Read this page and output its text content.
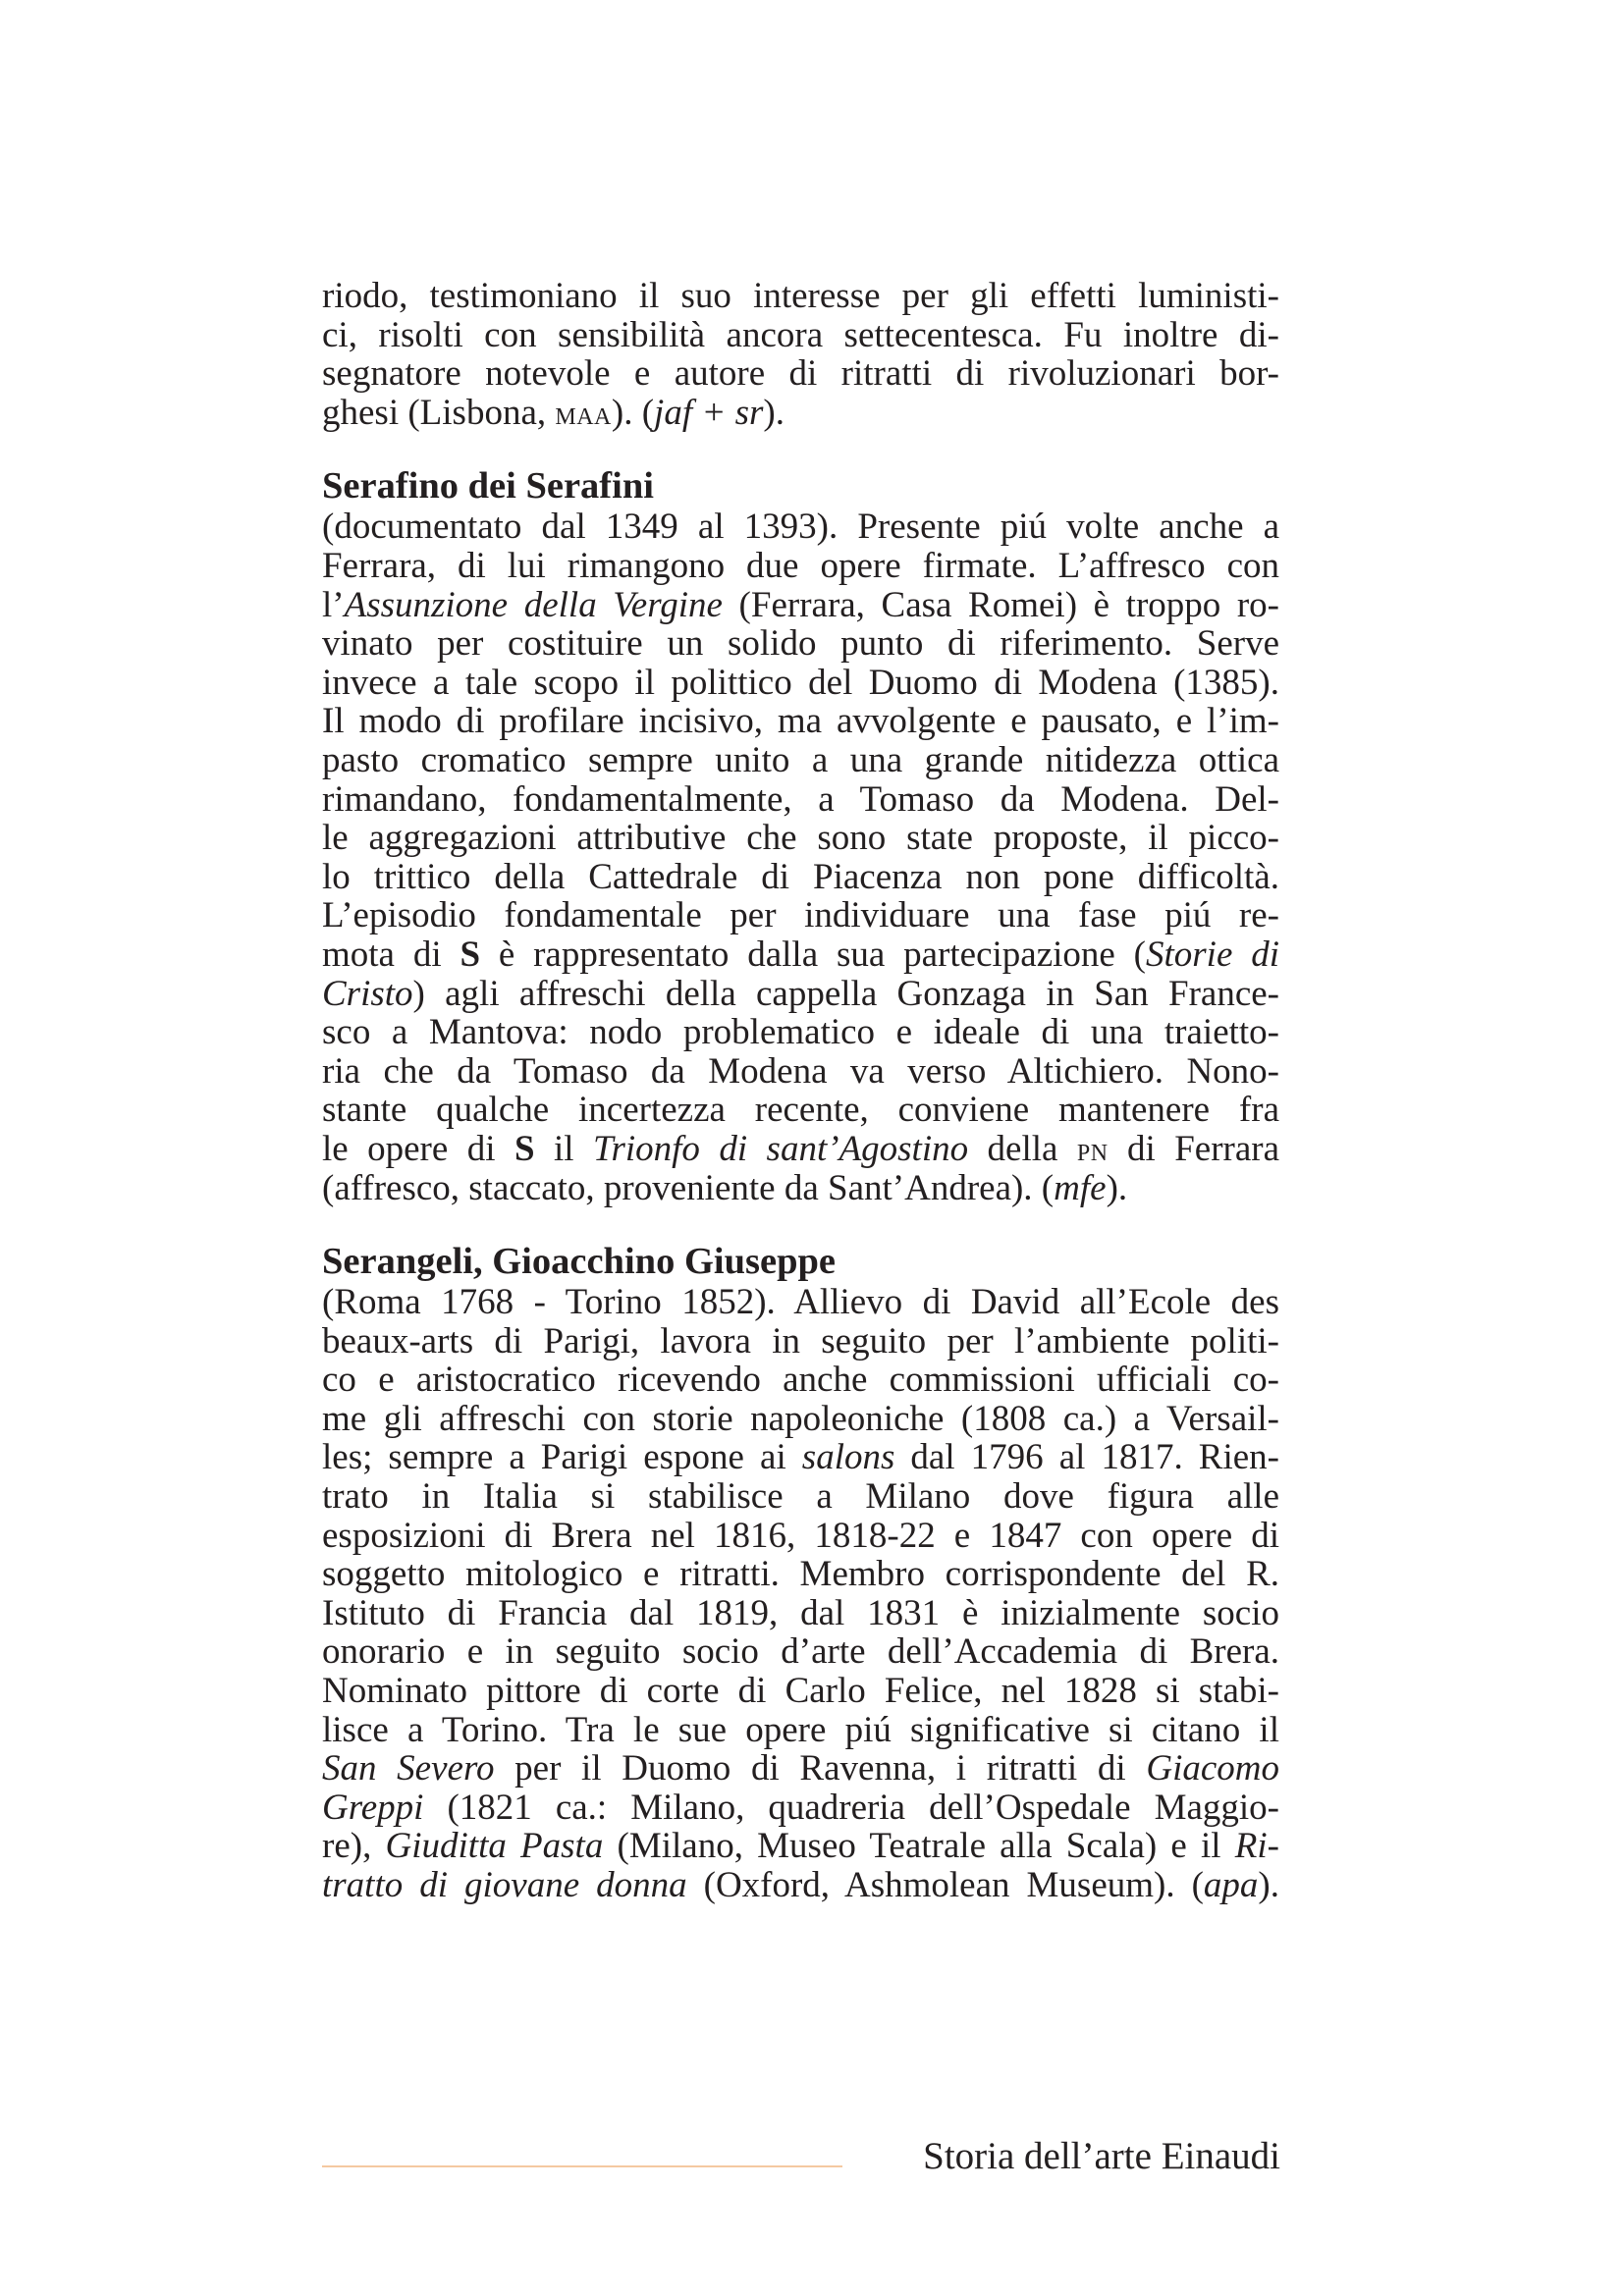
riodo, testimoniano il suo interesse per gli effetti luministi-
ci, risolti con sensibilità ancora settecentesca. Fu inoltre di-
segnatore notevole e autore di ritratti di rivoluzionari bor-
ghesi (Lisbona, maa). (jaf + sr).

Serafino dei Serafini

(documentato dal 1349 al 1393). Presente piú volte anche a
Ferrara, di lui rimangono due opere firmate. L’affresco con
l’Assunzione della Vergine (Ferrara, Casa Romei) è troppo ro-
vinato per costituire un solido punto di riferimento. Serve
invece a tale scopo il polittico del Duomo di Modena (1385).
Il modo di profilare incisivo, ma avvolgente e pausato, e l’im-
pasto cromatico sempre unito a una grande nitidezza ottica
rimandano, fondamentalmente, a Tomaso da Modena. Del-
le aggregazioni attributive che sono state proposte, il picco-
lo trittico della Cattedrale di Piacenza non pone difficoltà.
L’episodio fondamentale per individuare una fase piú re-
mota di S è rappresentato dalla sua partecipazione (Storie di
Cristo) agli affreschi della cappella Gonzaga in San France-
sco a Mantova: nodo problematico e ideale di una traietto-
ria che da Tomaso da Modena va verso Altichiero. Nono-
stante qualche incertezza recente, conviene mantenere fra
le opere di S il Trionfo di sant’Agostino della pn di Ferrara
(affresco, staccato, proveniente da Sant’Andrea). (mfe).

Serangeli, Gioacchino Giuseppe

(Roma 1768 - Torino 1852). Allievo di David all’Ecole des
beaux-arts di Parigi, lavora in seguito per l’ambiente politi-
co e aristocratico ricevendo anche commissioni ufficiali co-
me gli affreschi con storie napoleoniche (1808 ca.) a Versail-
les; sempre a Parigi espone ai salons dal 1796 al 1817. Rien-
trato in Italia si stabilisce a Milano dove figura alle
esposizioni di Brera nel 1816, 1818-22 e 1847 con opere di
soggetto mitologico e ritratti. Membro corrispondente del R.
Istituto di Francia dal 1819, dal 1831 è inizialmente socio
onorario e in seguito socio d’arte dell’Accademia di Brera.
Nominato pittore di corte di Carlo Felice, nel 1828 si stabi-
lisce a Torino. Tra le sue opere piú significative si citano il
San Severo per il Duomo di Ravenna, i ritratti di Giacomo
Greppi (1821 ca.: Milano, quadreria dell’Ospedale Maggio-
re), Giuditta Pasta (Milano, Museo Teatrale alla Scala) e il Ri-
tratto di giovane donna (Oxford, Ashmolean Museum). (apa).

Storia dell’arte Einaudi
